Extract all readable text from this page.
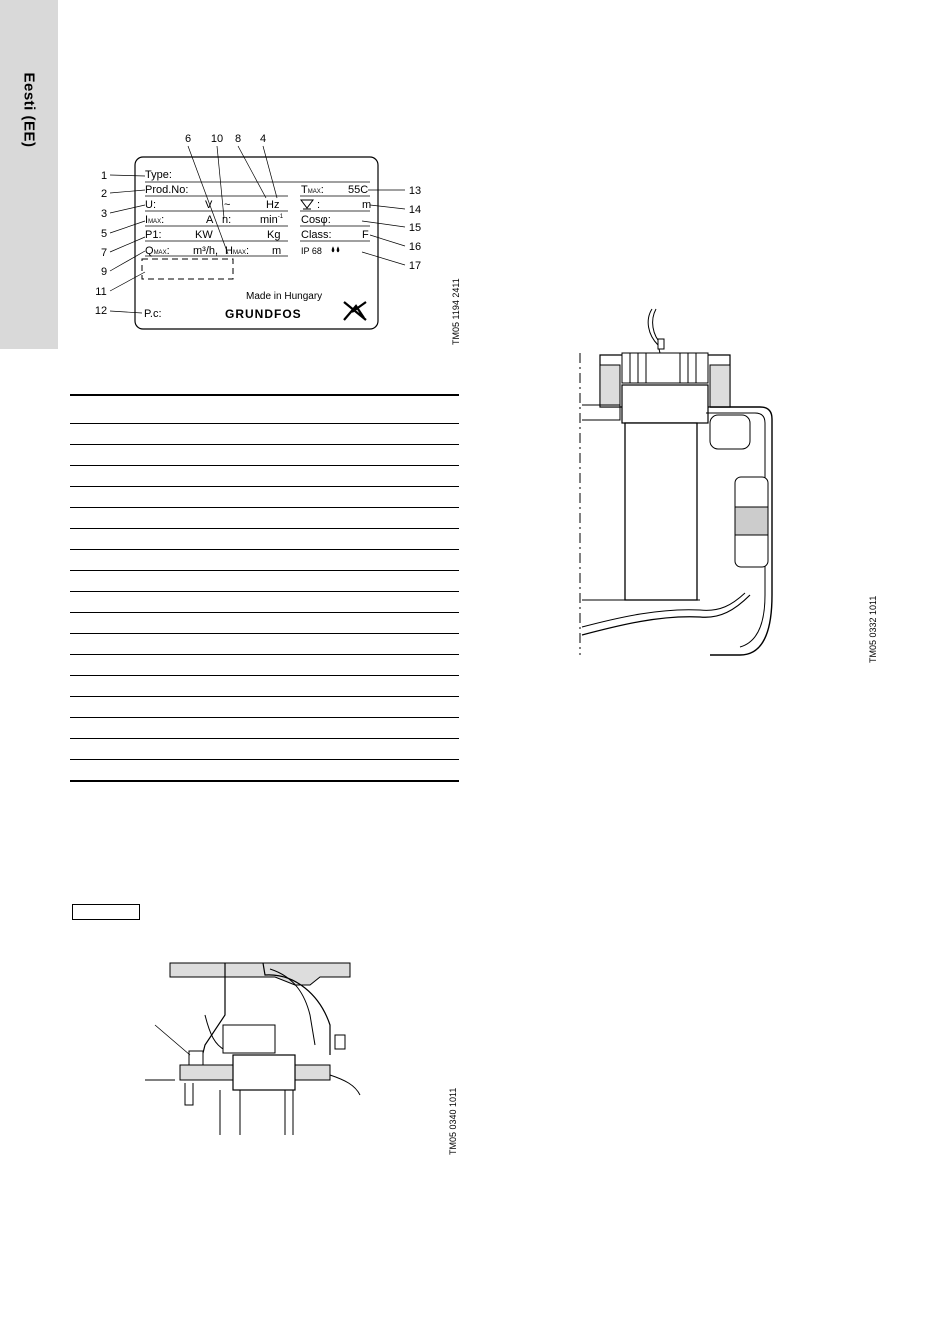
Eesti (EE)	6 10 8 4
1
2
3
5
7
9
11
12
13
14
15
16
17
Type:
Prod.No:
U:	V ~	Hz
IMAX:	A n:	$\min^{-1}$
P1:	KW	Kg
QMAX: m³/h, HMAX: m
TMAX: 55C
:	m
Cosφ:
Class:	F
IP 68
Made in Hungary
GRUNDFOS
P.c:	TM05 1194 2411
TM05 0332 1011
TM05 0340 1011
